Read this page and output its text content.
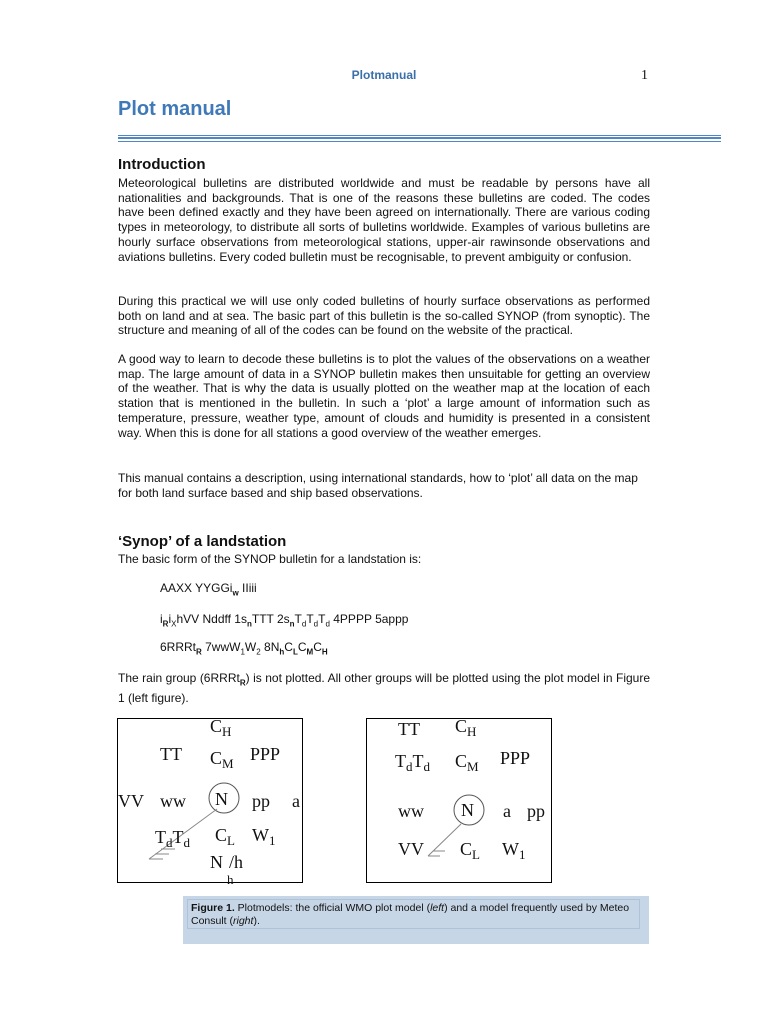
Plotmanual	1
Plot manual
Introduction

Meteorological bulletins are distributed worldwide and must be readable by persons have all nationalities and backgrounds. That is one of the reasons these bulletins are coded. The codes have been defined exactly and they have been agreed on internationally. There are various coding types in meteorology, to distribute all sorts of bulletins worldwide. Examples of various bulletins are hourly surface observations from meteorological stations, upper-air rawinsonde observations and aviations bulletins. Every coded bulletin must be recognisable, to prevent ambiguity or confusion.

During this practical we will use only coded bulletins of hourly surface observations as performed both on land and at sea. The basic part of this bulletin is the so-called SYNOP (from synoptic). The structure and meaning of all of the codes can be found on the website of the practical.

A good way to learn to decode these bulletins is to plot the values of the observations on a weather map. The large amount of data in a SYNOP bulletin makes then unsuitable for getting an overview of the weather. That is why the data is usually plotted on the weather map at the location of each station that is mentioned in the bulletin. In such a ‘plot’ a large amount of information such as temperature, pressure, weather type, amount of clouds and humidity is presented in a consistent way. When this is done for all stations a good overview of the weather emerges.

This manual contains a description, using international standards, how to ‘plot’ all data on the map for both land surface based and ship based observations.

‘Synop’ of a landstation
The basic form of the SYNOP bulletin for a landstation is:
AAXX YYGGi$_w$ IIiii
$i_Ri_XhVV$ Nddff $1s_nTTT$ $2s_nT_dT_dT_d$ 4PPPP 5appp
6RRRt$_R$ $7wwW_1W_2$ $8N_hC_LC_MC_H$

The rain group (6RRRt$_R$) is not plotted. All other groups will be plotted using the plot model in Figure 1 (left figure).

$C_H$
TT $C_M$ PPP
VV ww N pp a
$T_dT_d$ $C_L$ $W_1$
N
h
/h
TT $C_H$
$T_dT_d$ $C_M$ PPP
ww N a pp
VV $C_L$ $W_1$
Figure 1. Plotmodels: the official WMO plot model (left) and a model frequently used by Meteo Consult (right).
